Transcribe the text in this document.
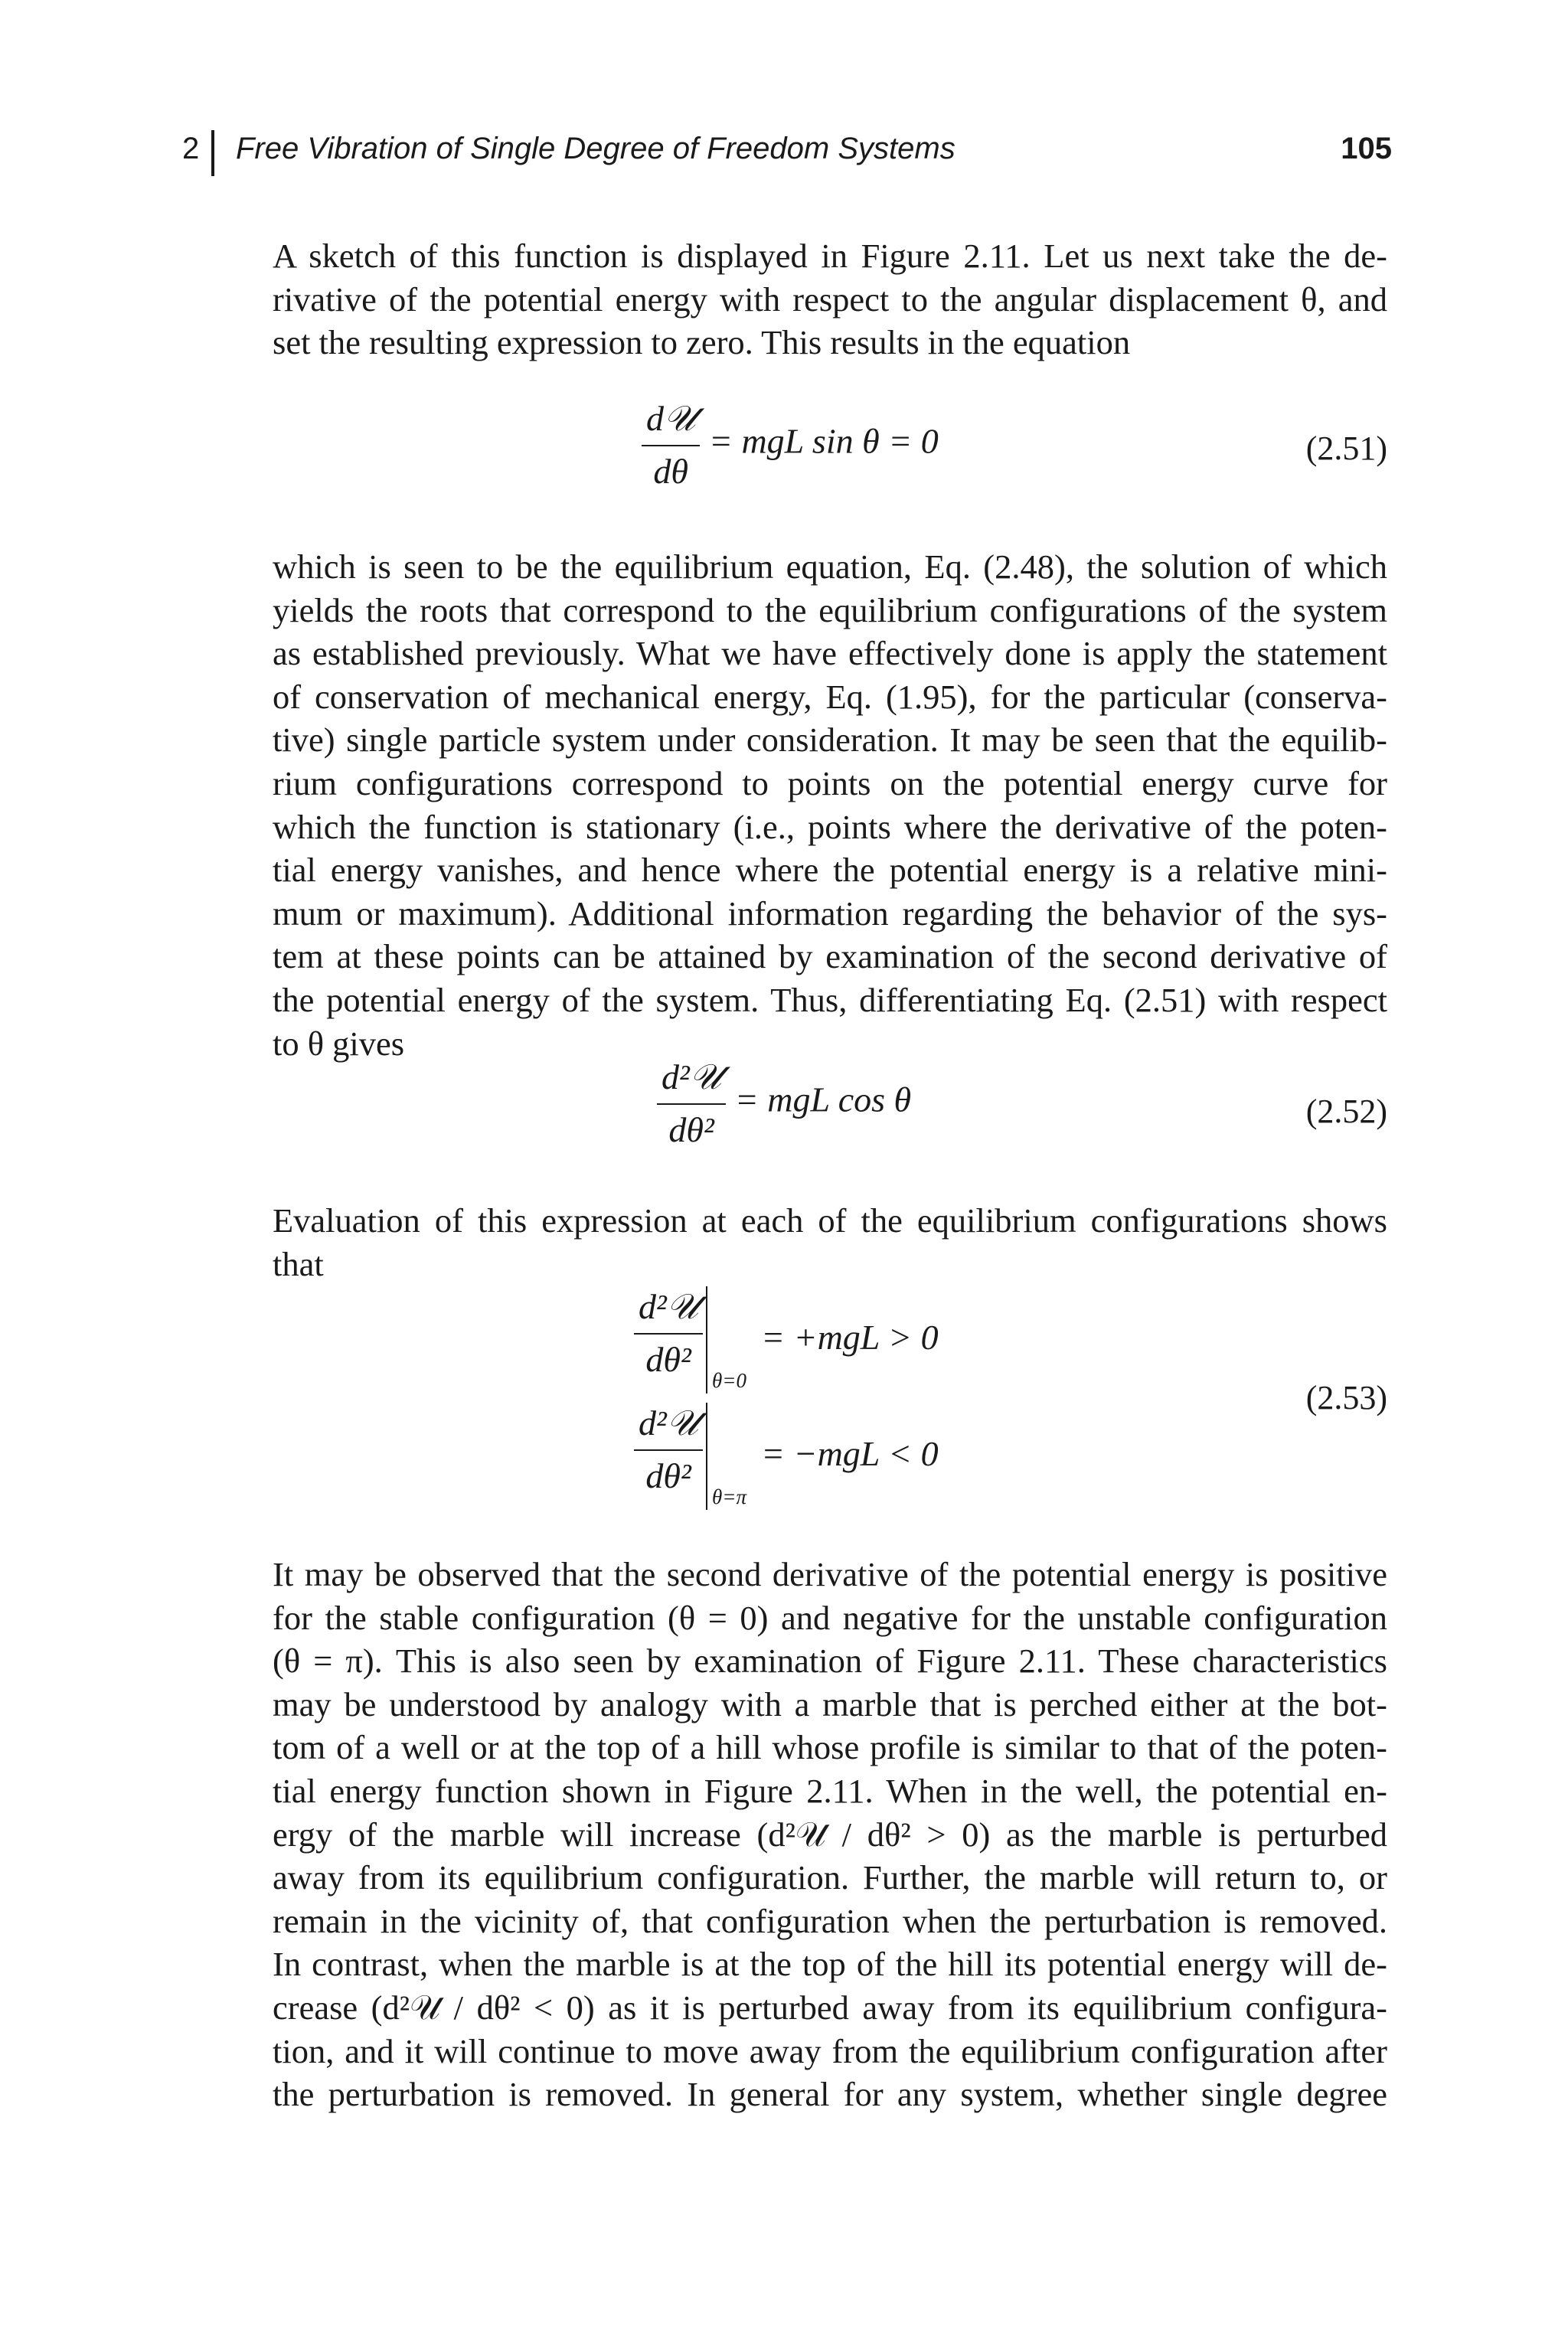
2 Free Vibration of Single Degree of Freedom Systems	105
A sketch of this function is displayed in Figure 2.11. Let us next take the de-
rivative of the potential energy with respect to the angular displacement θ, and
set the resulting expression to zero. This results in the equation
$\frac{\text{d𝒰}}{d\theta}$ = mgL sin θ = 0	(2.51)
which is seen to be the equilibrium equation, Eq. (2.48), the solution of which
yields the roots that correspond to the equilibrium configurations of the system
as established previously. What we have effectively done is apply the statement
of conservation of mechanical energy, Eq. (1.95), for the particular (conserva-
tive) single particle system under consideration. It may be seen that the equilib-
rium configurations correspond to points on the potential energy curve for
which the function is stationary (i.e., points where the derivative of the poten-
tial energy vanishes, and hence where the potential energy is a relative mini-
mum or maximum). Additional information regarding the behavior of the sys-
tem at these points can be attained by examination of the second derivative of
the potential energy of the system. Thus, differentiating Eq. (2.51) with respect
to θ gives
$\frac{\text{d²𝒰}}{\text{dθ²}}$ = mgL cos θ	(2.52)
Evaluation of this expression at each of the equilibrium configurations shows
that
$\frac{\text{d²𝒰}}{\text{dθ²}}$
θ=0
= +mgL > 0
$\frac{\text{d²𝒰}}{\text{dθ²}}$
θ=π
= −mgL < 0
(2.53)
It may be observed that the second derivative of the potential energy is positive
for the stable configuration (θ = 0) and negative for the unstable configuration
(θ = π). This is also seen by examination of Figure 2.11. These characteristics
may be understood by analogy with a marble that is perched either at the bot-
tom of a well or at the top of a hill whose profile is similar to that of the poten-
tial energy function shown in Figure 2.11. When in the well, the potential en-
ergy of the marble will increase (d²𝒰 / dθ² > 0) as the marble is perturbed
away from its equilibrium configuration. Further, the marble will return to, or
remain in the vicinity of, that configuration when the perturbation is removed.
In contrast, when the marble is at the top of the hill its potential energy will de-
crease (d²𝒰 / dθ² < 0) as it is perturbed away from its equilibrium configura-
tion, and it will continue to move away from the equilibrium configuration after
the perturbation is removed. In general for any system, whether single degree
